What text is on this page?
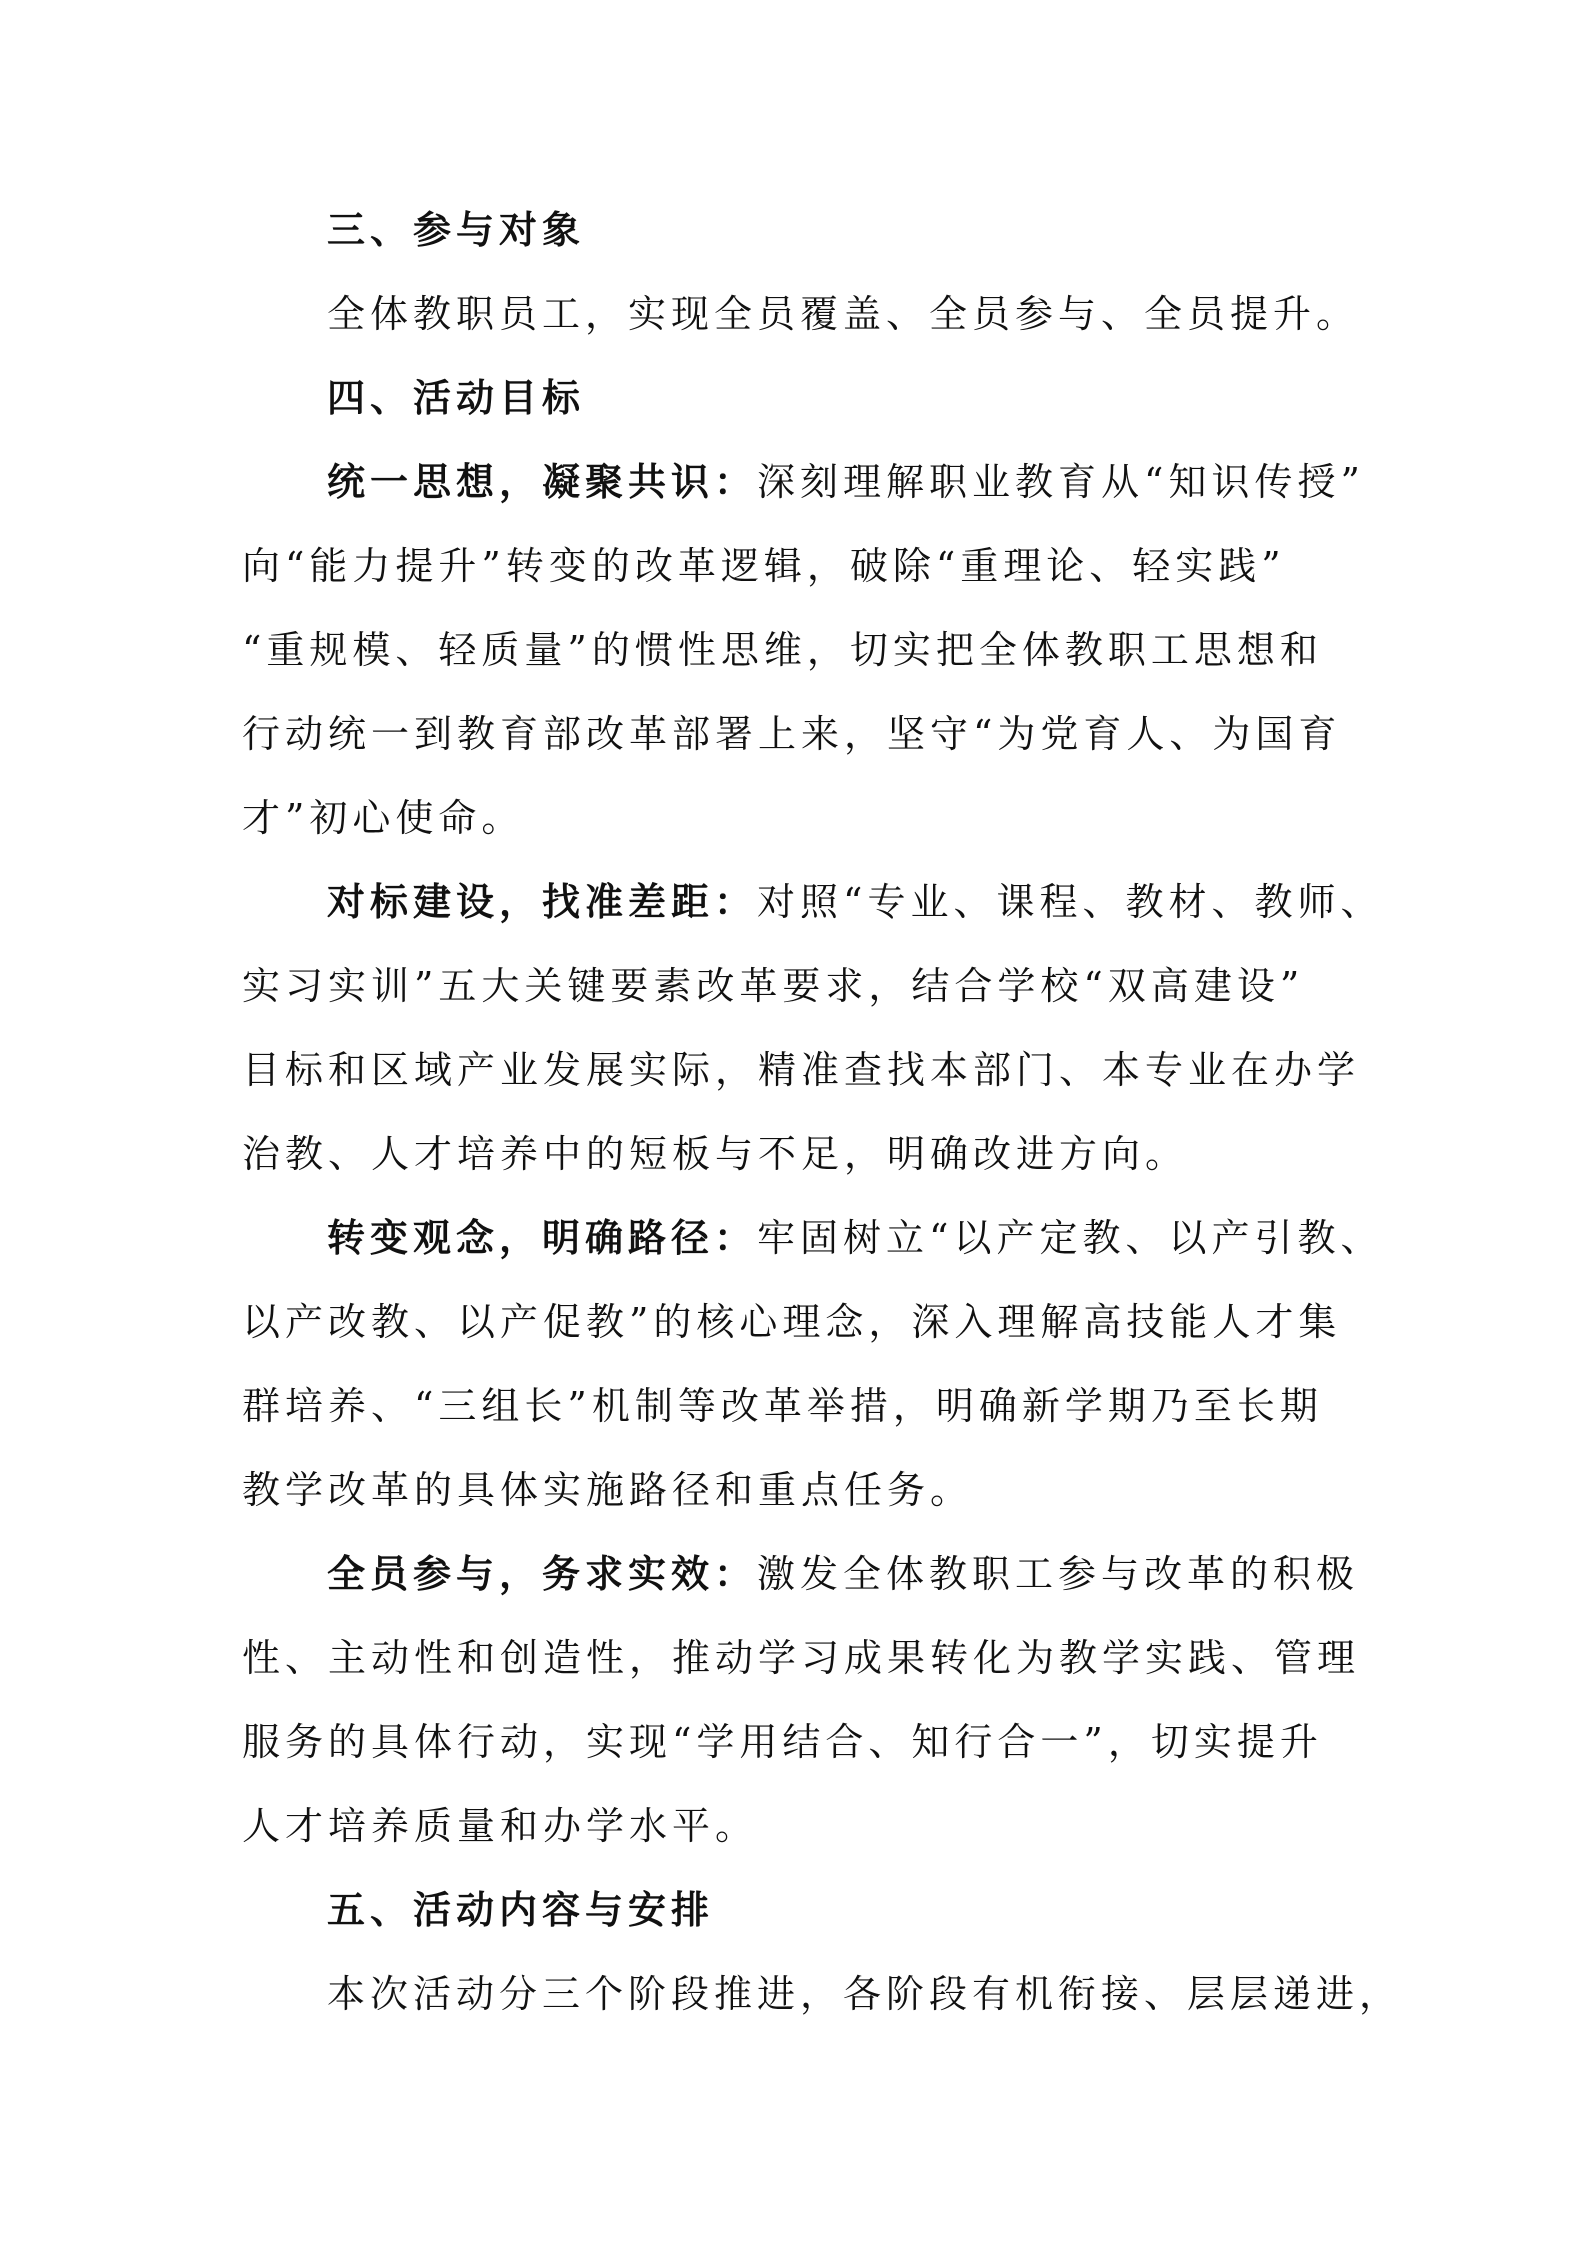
三、参与对象
全体教职员工，实现全员覆盖、全员参与、全员提升。
四、活动目标
统一思想，凝聚共识：深刻理解职业教育从“知识传授”
向“能力提升”转变的改革逻辑，破除“重理论、轻实践”
“重规模、轻质量”的惯性思维，切实把全体教职工思想和
行动统一到教育部改革部署上来，坚守“为党育人、为国育
才”初心使命。
对标建设，找准差距：对照“专业、课程、教材、教师、
实习实训”五大关键要素改革要求，结合学校“双高建设”
目标和区域产业发展实际，精准查找本部门、本专业在办学
治教、人才培养中的短板与不足，明确改进方向。
转变观念，明确路径：牢固树立“以产定教、以产引教、
以产改教、以产促教”的核心理念，深入理解高技能人才集
群培养、“三组长”机制等改革举措，明确新学期乃至长期
教学改革的具体实施路径和重点任务。
全员参与，务求实效：激发全体教职工参与改革的积极
性、主动性和创造性，推动学习成果转化为教学实践、管理
服务的具体行动，实现“学用结合、知行合一”，切实提升
人才培养质量和办学水平。
五、活动内容与安排
本次活动分三个阶段推进，各阶段有机衔接、层层递进，
